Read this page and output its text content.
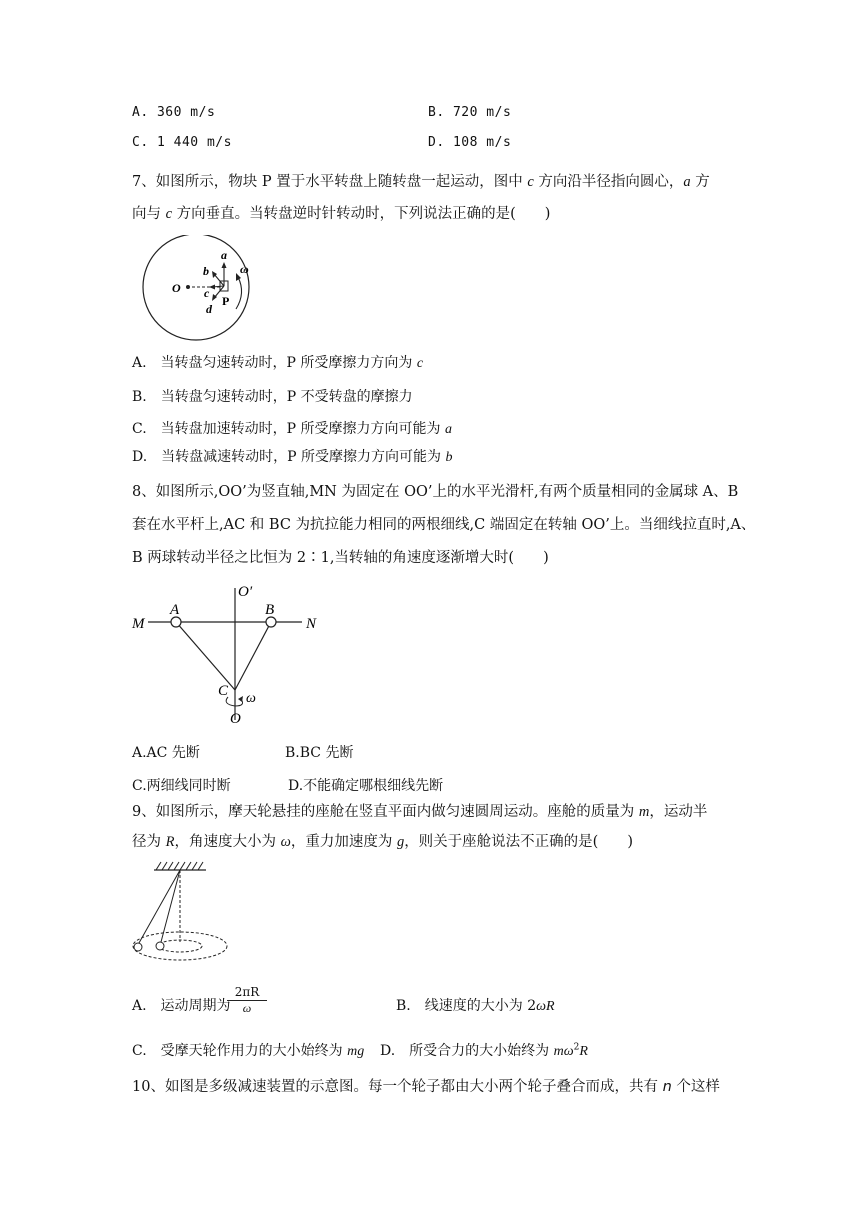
A. 360 m/s	B. 720 m/s
C. 1 440 m/s	D. 108 m/s
7、如图所示，物块 P 置于水平转盘上随转盘一起运动，图中 c 方向沿半径指向圆心，a 方
向与 c 方向垂直。当转盘逆时针转动时，下列说法正确的是(　　)
O
a
b
c
d
P
ω
A.　当转盘匀速转动时，P 所受摩擦力方向为 c
B.　当转盘匀速转动时，P 不受转盘的摩擦力
C.　当转盘加速转动时，P 所受摩擦力方向可能为 a
D.　当转盘减速转动时，P 所受摩擦力方向可能为 b
8、如图所示,OO’为竖直轴,MN 为固定在 OO’上的水平光滑杆,有两个质量相同的金属球 A、B
套在水平杆上,AC 和 BC 为抗拉能力相同的两根细线,C 端固定在转轴 OO’上。当细线拉直时,A、
B 两球转动半径之比恒为 2∶1,当转轴的角速度逐渐增大时(　　)
M	N
A	B
O′
C ω
O
A.AC 先断	B.BC 先断
C.两细线同时断	D.不能确定哪根细线先断
9、如图所示，摩天轮悬挂的座舱在竖直平面内做匀速圆周运动。座舱的质量为 m，运动半
径为 R，角速度大小为 ω，重力加速度为 g，则关于座舱说法不正确的是(　　)
A.　运动周期为
$\frac{2\pi R}{\omega}$	B.　线速度的大小为 2ωR
C.　受摩天轮作用力的大小始终为 mg D.　所受合力的大小始终为 $m\omega^2R$
10、如图是多级减速装置的示意图。每一个轮子都由大小两个轮子叠合而成，共有 n 个这样
